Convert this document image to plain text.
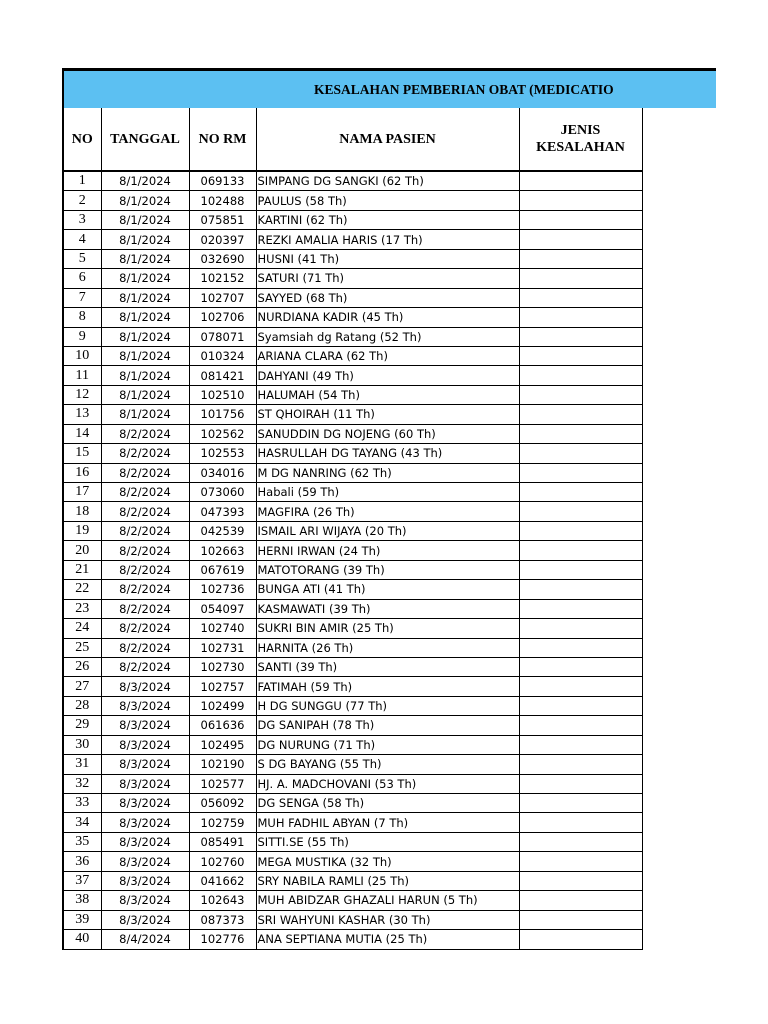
KESALAHAN PEMBERIAN OBAT (MEDICATIO
NO	TANGGAL	NO RM	NAMA PASIEN	JENIS
KESALAHAN
1	8/1/2024	069133	SIMPANG DG SANGKI (62 Th)	
2	8/1/2024	102488	PAULUS (58 Th)	
3	8/1/2024	075851	KARTINI (62 Th)	
4	8/1/2024	020397	REZKI AMALIA HARIS (17 Th)	
5	8/1/2024	032690	HUSNI (41 Th)	
6	8/1/2024	102152	SATURI (71 Th)	
7	8/1/2024	102707	SAYYED (68 Th)	
8	8/1/2024	102706	NURDIANA KADIR (45 Th)	
9	8/1/2024	078071	Syamsiah dg Ratang (52 Th)	
10	8/1/2024	010324	ARIANA CLARA (62 Th)	
11	8/1/2024	081421	DAHYANI (49 Th)	
12	8/1/2024	102510	HALUMAH (54 Th)	
13	8/1/2024	101756	ST QHOIRAH (11 Th)	
14	8/2/2024	102562	SANUDDIN DG NOJENG (60 Th)	
15	8/2/2024	102553	HASRULLAH DG TAYANG (43 Th)	
16	8/2/2024	034016	M DG NANRING (62 Th)	
17	8/2/2024	073060	Habali (59 Th)	
18	8/2/2024	047393	MAGFIRA (26 Th)	
19	8/2/2024	042539	ISMAIL ARI WIJAYA (20 Th)	
20	8/2/2024	102663	HERNI IRWAN (24 Th)	
21	8/2/2024	067619	MATOTORANG (39 Th)	
22	8/2/2024	102736	BUNGA ATI (41 Th)	
23	8/2/2024	054097	KASMAWATI (39 Th)	
24	8/2/2024	102740	SUKRI BIN AMIR (25 Th)	
25	8/2/2024	102731	HARNITA (26 Th)	
26	8/2/2024	102730	SANTI (39 Th)	
27	8/3/2024	102757	FATIMAH (59 Th)	
28	8/3/2024	102499	H DG SUNGGU (77 Th)	
29	8/3/2024	061636	DG SANIPAH (78 Th)	
30	8/3/2024	102495	DG NURUNG (71 Th)	
31	8/3/2024	102190	S DG BAYANG (55 Th)	
32	8/3/2024	102577	HJ. A. MADCHOVANI (53 Th)	
33	8/3/2024	056092	DG SENGA (58 Th)	
34	8/3/2024	102759	MUH FADHIL ABYAN (7 Th)	
35	8/3/2024	085491	SITTI.SE (55 Th)	
36	8/3/2024	102760	MEGA MUSTIKA (32 Th)	
37	8/3/2024	041662	SRY NABILA RAMLI (25 Th)	
38	8/3/2024	102643	MUH ABIDZAR GHAZALI HARUN (5 Th)	
39	8/3/2024	087373	SRI WAHYUNI KASHAR (30 Th)	
40	8/4/2024	102776	ANA SEPTIANA MUTIA (25 Th)	
